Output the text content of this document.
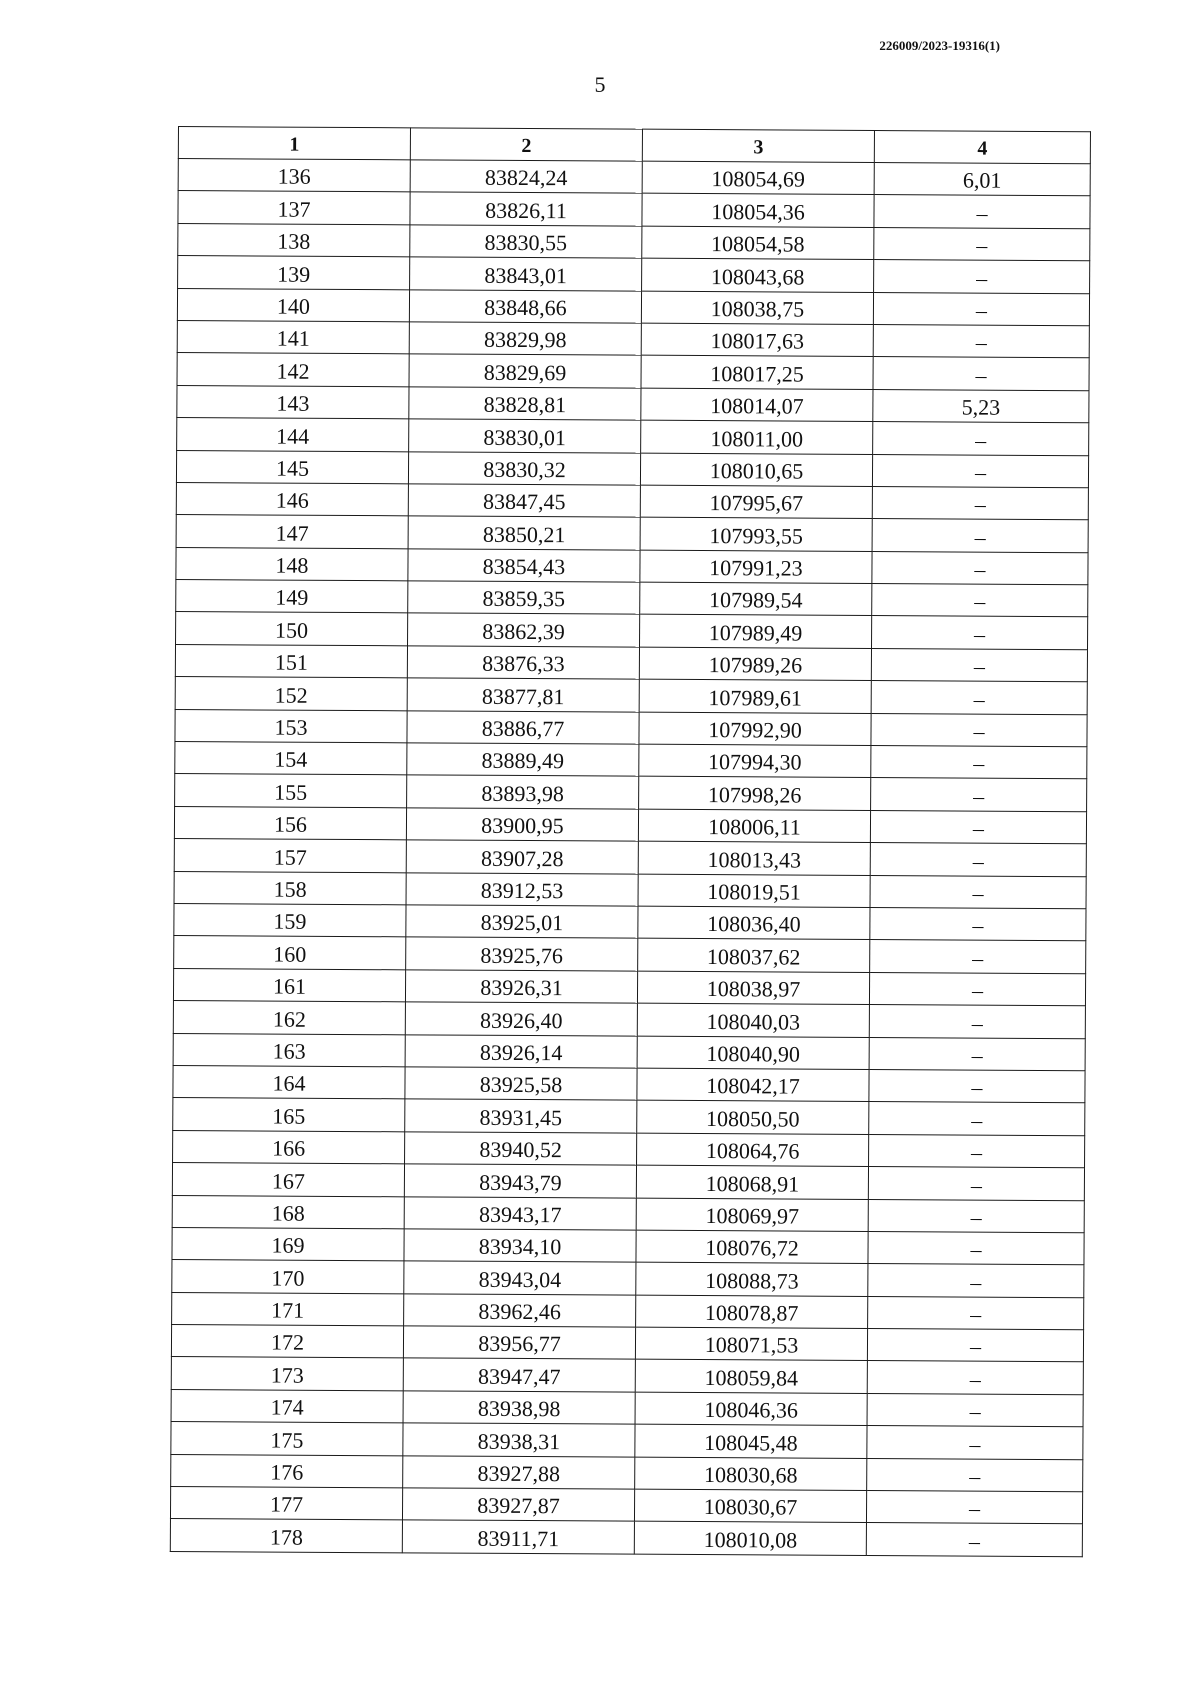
226009/2023-19316(1)
5
1	2	3	4
136	83824,24	108054,69	6,01
137	83826,11	108054,36	–
138	83830,55	108054,58	–
139	83843,01	108043,68	–
140	83848,66	108038,75	–
141	83829,98	108017,63	–
142	83829,69	108017,25	–
143	83828,81	108014,07	5,23
144	83830,01	108011,00	–
145	83830,32	108010,65	–
146	83847,45	107995,67	–
147	83850,21	107993,55	–
148	83854,43	107991,23	–
149	83859,35	107989,54	–
150	83862,39	107989,49	–
151	83876,33	107989,26	–
152	83877,81	107989,61	–
153	83886,77	107992,90	–
154	83889,49	107994,30	–
155	83893,98	107998,26	–
156	83900,95	108006,11	–
157	83907,28	108013,43	–
158	83912,53	108019,51	–
159	83925,01	108036,40	–
160	83925,76	108037,62	–
161	83926,31	108038,97	–
162	83926,40	108040,03	–
163	83926,14	108040,90	–
164	83925,58	108042,17	–
165	83931,45	108050,50	–
166	83940,52	108064,76	–
167	83943,79	108068,91	–
168	83943,17	108069,97	–
169	83934,10	108076,72	–
170	83943,04	108088,73	–
171	83962,46	108078,87	–
172	83956,77	108071,53	–
173	83947,47	108059,84	–
174	83938,98	108046,36	–
175	83938,31	108045,48	–
176	83927,88	108030,68	–
177	83927,87	108030,67	–
178	83911,71	108010,08	–
